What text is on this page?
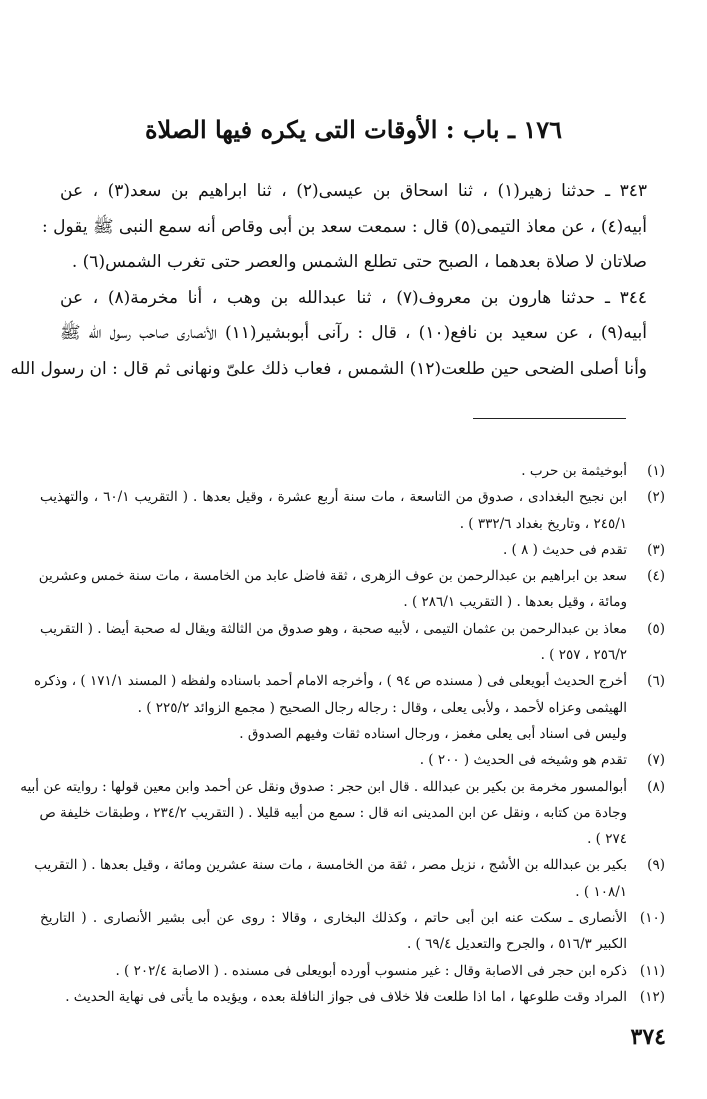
١٧٦ ـ باب : الأوقات التى يكره فيها الصلاة
٣٤٣ ـ حدثنا زهير(١) ، ثنا اسحاق بن عيسى(٢) ، ثنا ابراهيم بن سعد(٣) ، عن
أبيه(٤) ، عن معاذ التيمى(٥) قال : سمعت سعد بن أبى وقاص أنه سمع النبى ﷺ يقول :
صلاتان لا صلاة بعدهما ، الصبح حتى تطلع الشمس والعصر حتى تغرب الشمس(٦) .
٣٤٤ ـ حدثنا هارون بن معروف(٧) ، ثنا عبدالله بن وهب ، أنا مخرمة(٨) ، عن
أبيه(٩) ، عن سعيد بن نافع(١٠) ، قال : رآنى أبوبشير(١١) الأنصارى صاحب رسول الله ﷺ
وأنا أصلى الضحى حين طلعت(١٢) الشمس ، فعاب ذلك علىّ ونهانى ثم قال : ان رسول الله
(١)
أبوخيثمة بن حرب .
(٢)
ابن نجيح البغدادى ، صدوق من التاسعة ، مات سنة أربع عشرة ، وقيل بعدها . ( التقريب ٦٠/١ ، والتهذيب
٢٤٥/١ ، وتاريخ بغداد ٣٣٢/٦ ) .
(٣)
تقدم فى حديث ( ٨ ) .
(٤)
سعد بن ابراهيم بن عبدالرحمن بن عوف الزهرى ، ثقة فاضل عابد من الخامسة ، مات سنة خمس وعشرين
ومائة ، وقيل بعدها . ( التقريب ٢٨٦/١ ) .
(٥)
معاذ بن عبدالرحمن بن عثمان التيمى ، لأبيه صحبة ، وهو صدوق من الثالثة ويقال له صحبة أيضا . ( التقريب
٢٥٦/٢ ، ٢٥٧ ) .
(٦)
أخرج الحديث أبويعلى فى ( مسنده ص ٩٤ ) ، وأخرجه الامام أحمد باسناده ولفظه ( المسند ١٧١/١ ) ، وذكره
الهيثمى وعزاه لأحمد ، ولأبى يعلى ، وقال : رجاله رجال الصحيح ( مجمع الزوائد ٢٢٥/٢ ) .
وليس فى اسناد أبى يعلى مغمز ، ورجال اسناده ثقات وفيهم الصدوق .
(٧)
تقدم هو وشيخه فى الحديث ( ٢٠٠ ) .
(٨)
أبوالمسور مخرمة بن بكير بن عبدالله . قال ابن حجر : صدوق ونقل عن أحمد وابن معين قولها : روايته عن أبيه
وجادة من كتابه ، ونقل عن ابن المدينى انه قال : سمع من أبيه قليلا . ( التقريب ٢٣٤/٢ ، وطبقات خليفة ص
٢٧٤ ) .
(٩)
بكير بن عبدالله بن الأشج ، نزيل مصر ، ثقة من الخامسة ، مات سنة عشرين ومائة ، وقيل بعدها . ( التقريب
١٠٨/١ ) .
(١٠)
الأنصارى ـ سكت عنه ابن أبى حاتم ، وكذلك البخارى ، وقالا : روى عن أبى بشير الأنصارى . ( التاريخ
الكبير ٥١٦/٣ ، والجرح والتعديل ٦٩/٤ ) .
(١١)
ذكره ابن حجر فى الاصابة وقال : غير منسوب أورده أبويعلى فى مسنده . ( الاصابة ٢٠٢/٤ ) .
(١٢)
المراد وقت طلوعها ، اما اذا طلعت فلا خلاف فى جواز النافلة بعده ، ويؤيده ما يأتى فى نهاية الحديث .
٣٧٤
